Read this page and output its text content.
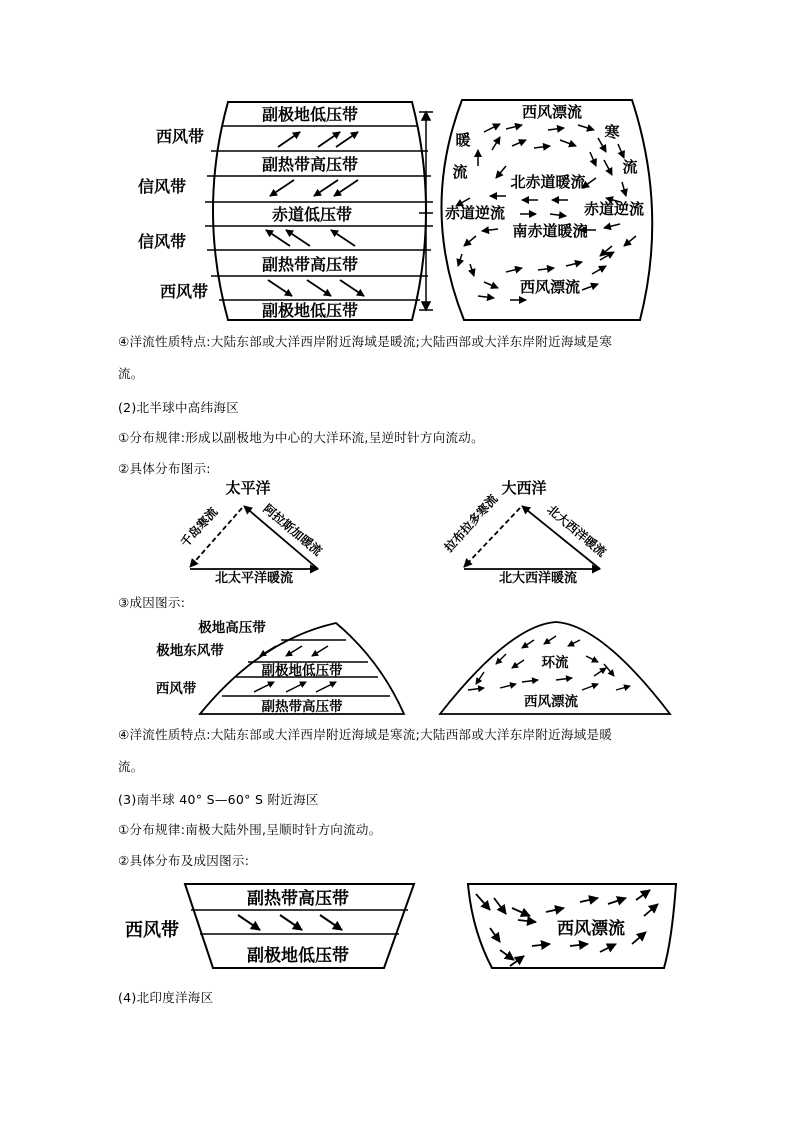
副极地低压带
副热带高压带
赤道低压带
副热带高压带
副极地低压带
西风带
信风带
信风带
西风带
西风漂流
寒
流
暖
流
北赤道暖流
赤道逆流	赤道逆流
南赤道暖流
西风漂流
④洋流性质特点:大陆东部或大洋西岸附近海域是暖流;大陆西部或大洋东岸附近海域是寒
流。
(2)北半球中高纬海区
①分布规律:形成以副极地为中心的大洋环流,呈逆时针方向流动。
②具体分布图示:
太平洋
北太平洋暖流
阿拉斯加暖流
千岛寒流
大西洋
北大西洋暖流
北大西洋暖流
拉布拉多寒流
③成因图示:
极地高压带
极地东风带
西风带
副极地低压带
副热带高压带
环流
西风漂流
④洋流性质特点:大陆东部或大洋西岸附近海域是寒流;大陆西部或大洋东岸附近海域是暖
流。
(3)南半球 40° S—60° S 附近海区
①分布规律:南极大陆外围,呈顺时针方向流动。
②具体分布及成因图示:
副热带高压带
副极地低压带
西风带	西风漂流
(4)北印度洋海区
